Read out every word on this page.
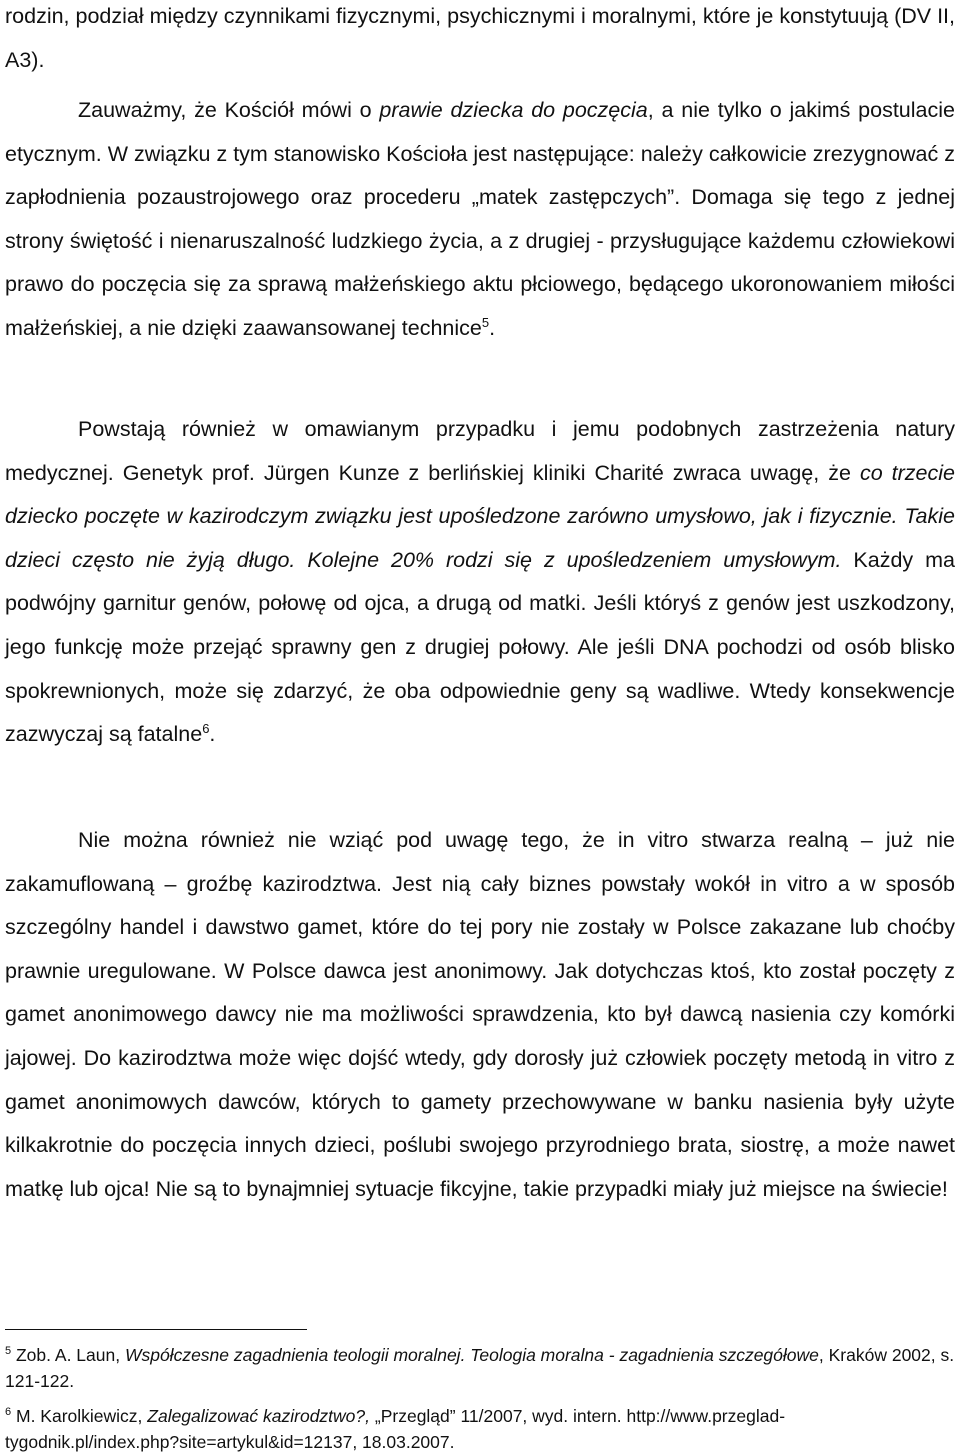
rodzin, podział między czynnikami fizycznymi, psychicznymi i moralnymi, które je konstytuują (DV II, A3).

Zauważmy, że Kościół mówi o prawie dziecka do poczęcia, a nie tylko o jakimś postulacie etycznym. W związku z tym stanowisko Kościoła jest następujące: należy całkowicie zrezygnować z zapłodnienia pozaustrojowego oraz procederu „matek zastępczych”. Domaga się tego z jednej strony świętość i nienaruszalność ludzkiego życia, a z drugiej - przysługujące każdemu człowiekowi prawo do poczęcia się za sprawą małżeńskiego aktu płciowego, będącego ukoronowaniem miłości małżeńskiej, a nie dzięki zaawansowanej technice$^5$.

Powstają również w omawianym przypadku i jemu podobnych zastrzeżenia natury medycznej. Genetyk prof. Jürgen Kunze z berlińskiej kliniki Charité zwraca uwagę, że co trzecie dziecko poczęte w kazirodczym związku jest upośledzone zarówno umysłowo, jak i fizycznie. Takie dzieci często nie żyją długo. Kolejne 20% rodzi się z upośledzeniem umysłowym. Każdy ma podwójny garnitur genów, połowę od ojca, a drugą od matki. Jeśli któryś z genów jest uszkodzony, jego funkcję może przejąć sprawny gen z drugiej połowy. Ale jeśli DNA pochodzi od osób blisko spokrewnionych, może się zdarzyć, że oba odpowiednie geny są wadliwe. Wtedy konsekwencje zazwyczaj są fatalne$^6$.

Nie można również nie wziąć pod uwagę tego, że in vitro stwarza realną – już nie zakamuflowaną – groźbę kazirodztwa. Jest nią cały biznes powstały wokół in vitro a w sposób szczególny handel i dawstwo gamet, które do tej pory nie zostały w Polsce zakazane lub choćby prawnie uregulowane. W Polsce dawca jest anonimowy. Jak dotychczas ktoś, kto został poczęty z gamet anonimowego dawcy nie ma możliwości sprawdzenia, kto był dawcą nasienia czy komórki jajowej. Do kazirodztwa może więc dojść wtedy, gdy dorosły już człowiek poczęty metodą in vitro z gamet anonimowych dawców, których to gamety przechowywane w banku nasienia były użyte kilkakrotnie do poczęcia innych dzieci, poślubi swojego przyrodniego brata, siostrę, a może nawet matkę lub ojca! Nie są to bynajmniej sytuacje fikcyjne, takie przypadki miały już miejsce na świecie!

$^5$ Zob. A. Laun, Współczesne zagadnienia teologii moralnej. Teologia moralna - zagadnienia szczegółowe, Kraków 2002, s. 121-122.

$^6$ M. Karolkiewicz, Zalegalizować kazirodztwo?, „Przegląd” 11/2007, wyd. intern. http://www.przeglad-tygodnik.pl/index.php?site=artykul&id=12137, 18.03.2007.
